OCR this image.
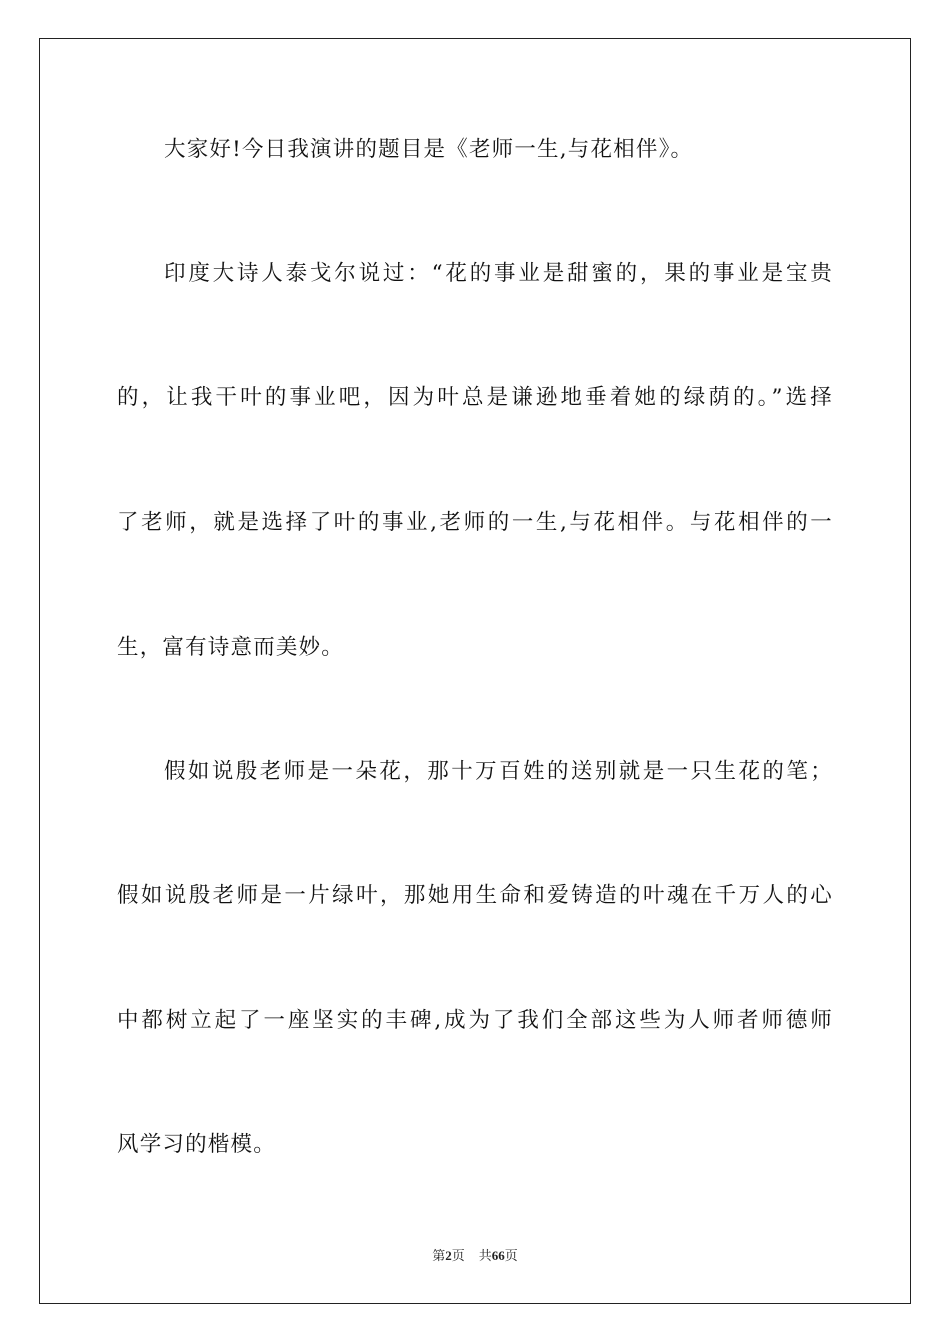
大家好!今日我演讲的题目是《老师一生,与花相伴》。
印度大诗人泰戈尔说过：“花的事业是甜蜜的，果的事业是宝贵
的，让我干叶的事业吧，因为叶总是谦逊地垂着她的绿荫的。”选择
了老师，就是选择了叶的事业,老师的一生,与花相伴。与花相伴的一
生，富有诗意而美妙。
假如说殷老师是一朵花，那十万百姓的送别就是一只生花的笔；
假如说殷老师是一片绿叶，那她用生命和爱铸造的叶魂在千万人的心
中都树立起了一座坚实的丰碑,成为了我们全部这些为人师者师德师
风学习的楷模。
第2页 共66页
